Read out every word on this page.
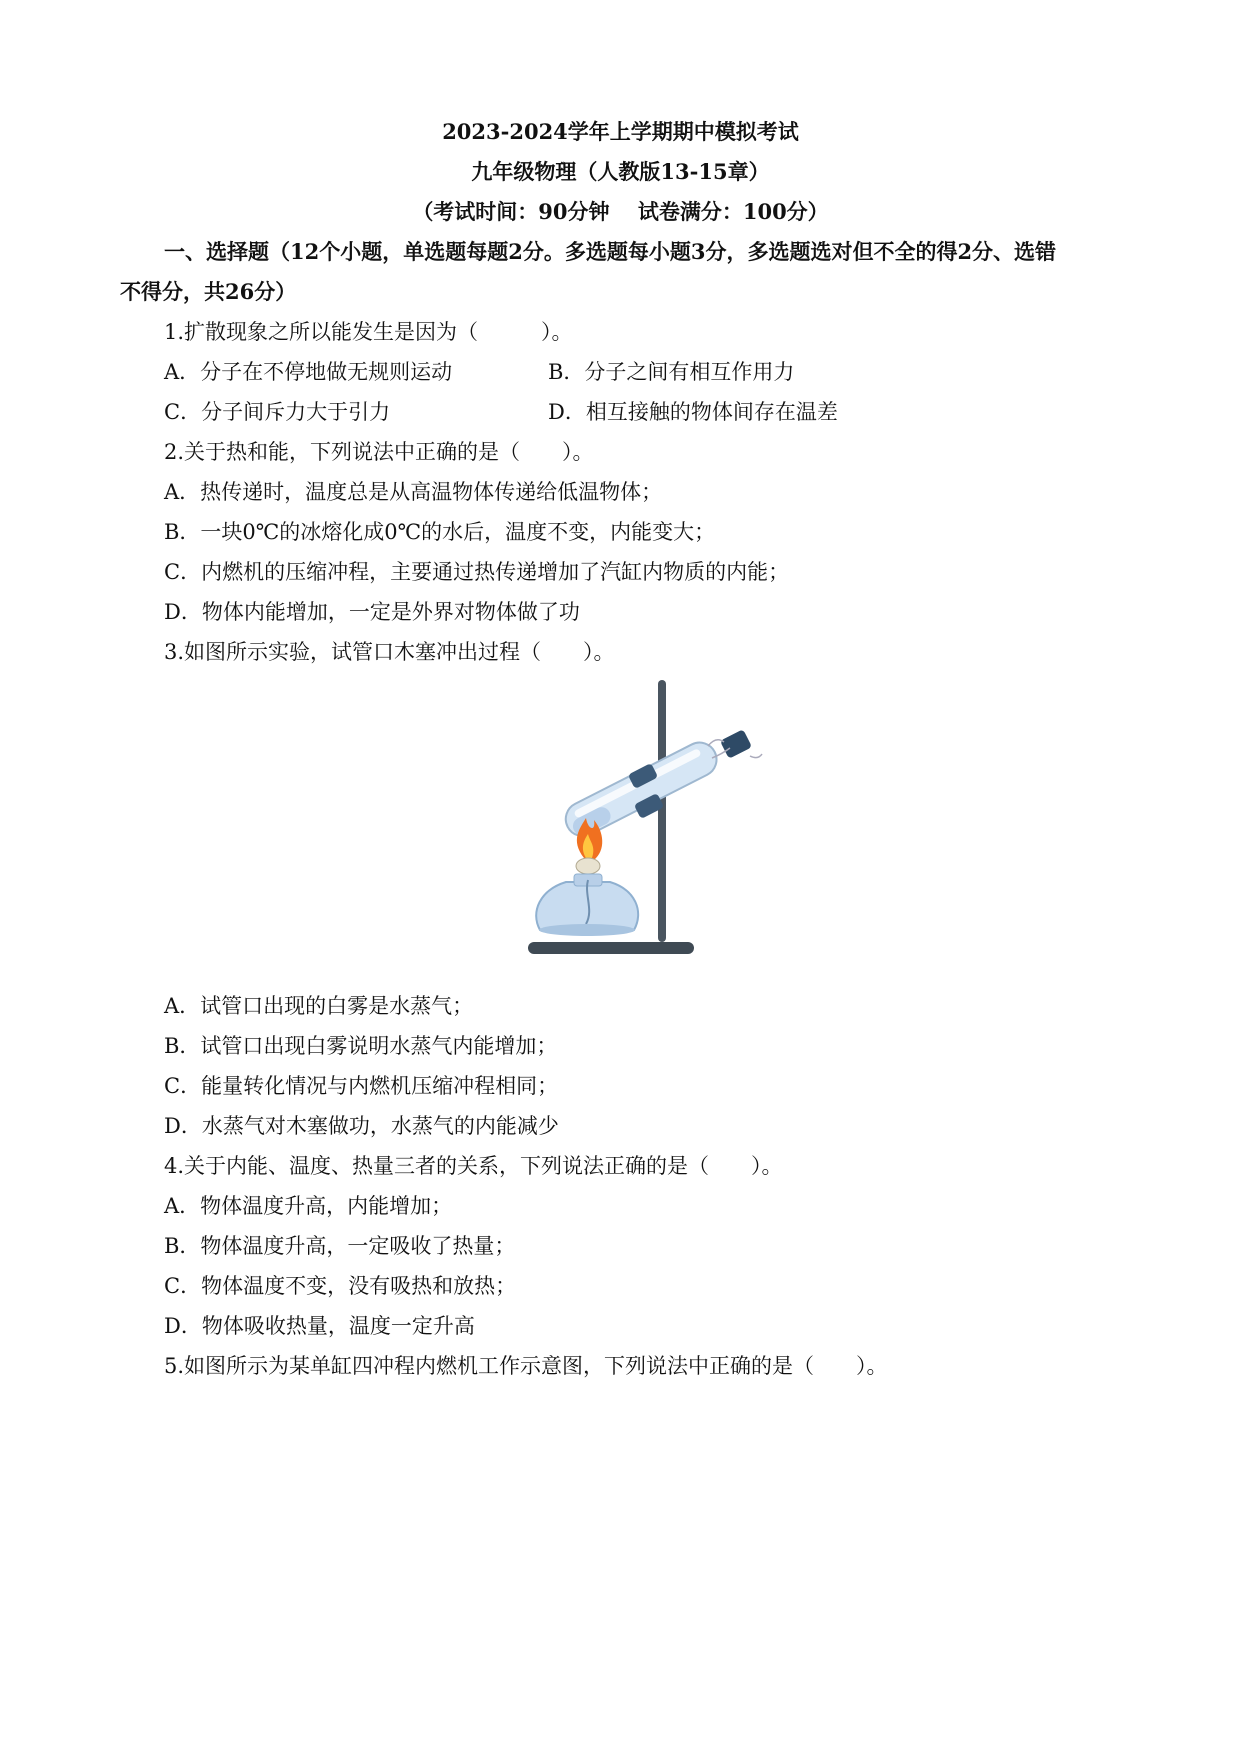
2023-2024学年上学期期中模拟考试
九年级物理（人教版13-15章）
（考试时间：90分钟　 试卷满分：100分）
一、选择题（12个小题，单选题每题2分。多选题每小题3分，多选题选对但不全的得2分、选错
不得分，共26分）
1.扩散现象之所以能发生是因为（　　　）。
A．分子在不停地做无规则运动	B．分子之间有相互作用力
C．分子间斥力大于引力	D．相互接触的物体间存在温差
2.关于热和能，下列说法中正确的是（　　）。
A．热传递时，温度总是从高温物体传递给低温物体；
B．一块0℃的冰熔化成0℃的水后，温度不变，内能变大；
C．内燃机的压缩冲程，主要通过热传递增加了汽缸内物质的内能；
D．物体内能增加，一定是外界对物体做了功
3.如图所示实验，试管口木塞冲出过程（　　）。
A．试管口出现的白雾是水蒸气；
B．试管口出现白雾说明水蒸气内能增加；
C．能量转化情况与内燃机压缩冲程相同；
D．水蒸气对木塞做功，水蒸气的内能减少
4.关于内能、温度、热量三者的关系，下列说法正确的是（　　）。
A．物体温度升高，内能增加；
B．物体温度升高，一定吸收了热量；
C．物体温度不变，没有吸热和放热；
D．物体吸收热量，温度一定升高
5.如图所示为某单缸四冲程内燃机工作示意图，下列说法中正确的是（　　）。
